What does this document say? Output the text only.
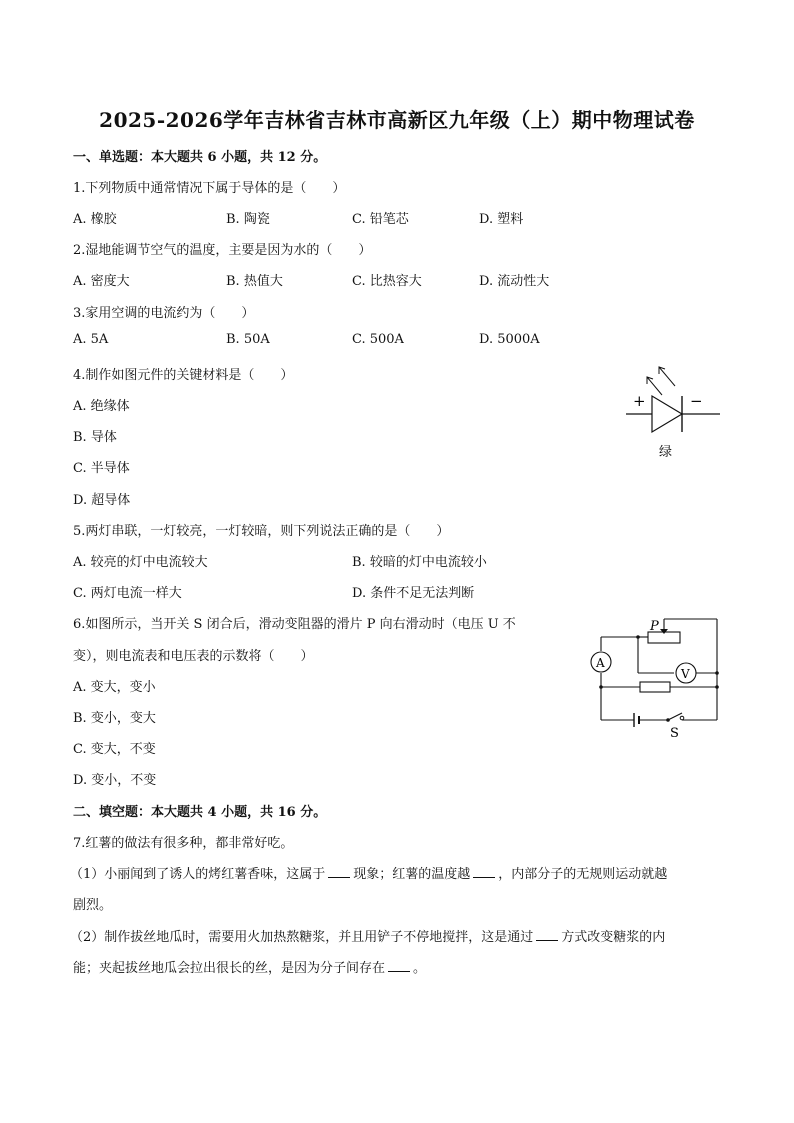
2025-2026学年吉林省吉林市高新区九年级（上）期中物理试卷
一、单选题：本大题共 6 小题，共 12 分。
1.下列物质中通常情况下属于导体的是（　　）
A. 橡胶	B. 陶瓷	C. 铅笔芯	D. 塑料
2.湿地能调节空气的温度，主要是因为水的（　　）
A. 密度大	B. 热值大	C. 比热容大	D. 流动性大
3.家用空调的电流约为（　　）
A. 5A	B. 50A	C. 500A	D. 5000A
4.制作如图元件的关键材料是（　　）
A. 绝缘体
B. 导体
C. 半导体
D. 超导体
+	−
绿
5.两灯串联，一灯较亮，一灯较暗，则下列说法正确的是（　　）
A. 较亮的灯中电流较大	B. 较暗的灯中电流较小
C. 两灯电流一样大	D. 条件不足无法判断
6.如图所示，当开关 S 闭合后，滑动变阻器的滑片 P 向右滑动时（电压 U 不
变），则电流表和电压表的示数将（　　）
A. 变大，变小
B. 变小，变大
C. 变大，不变
D. 变小，不变
P
A
V
S
二、填空题：本大题共 4 小题，共 16 分。
7.红薯的做法有很多种，都非常好吃。
（1）小丽闻到了诱人的烤红薯香味，这属于 现象；红薯的温度越 ，内部分子的无规则运动就越
剧烈。
（2）制作拔丝地瓜时，需要用火加热熬糖浆，并且用铲子不停地搅拌，这是通过 方式改变糖浆的内
能；夹起拔丝地瓜会拉出很长的丝，是因为分子间存在 。
